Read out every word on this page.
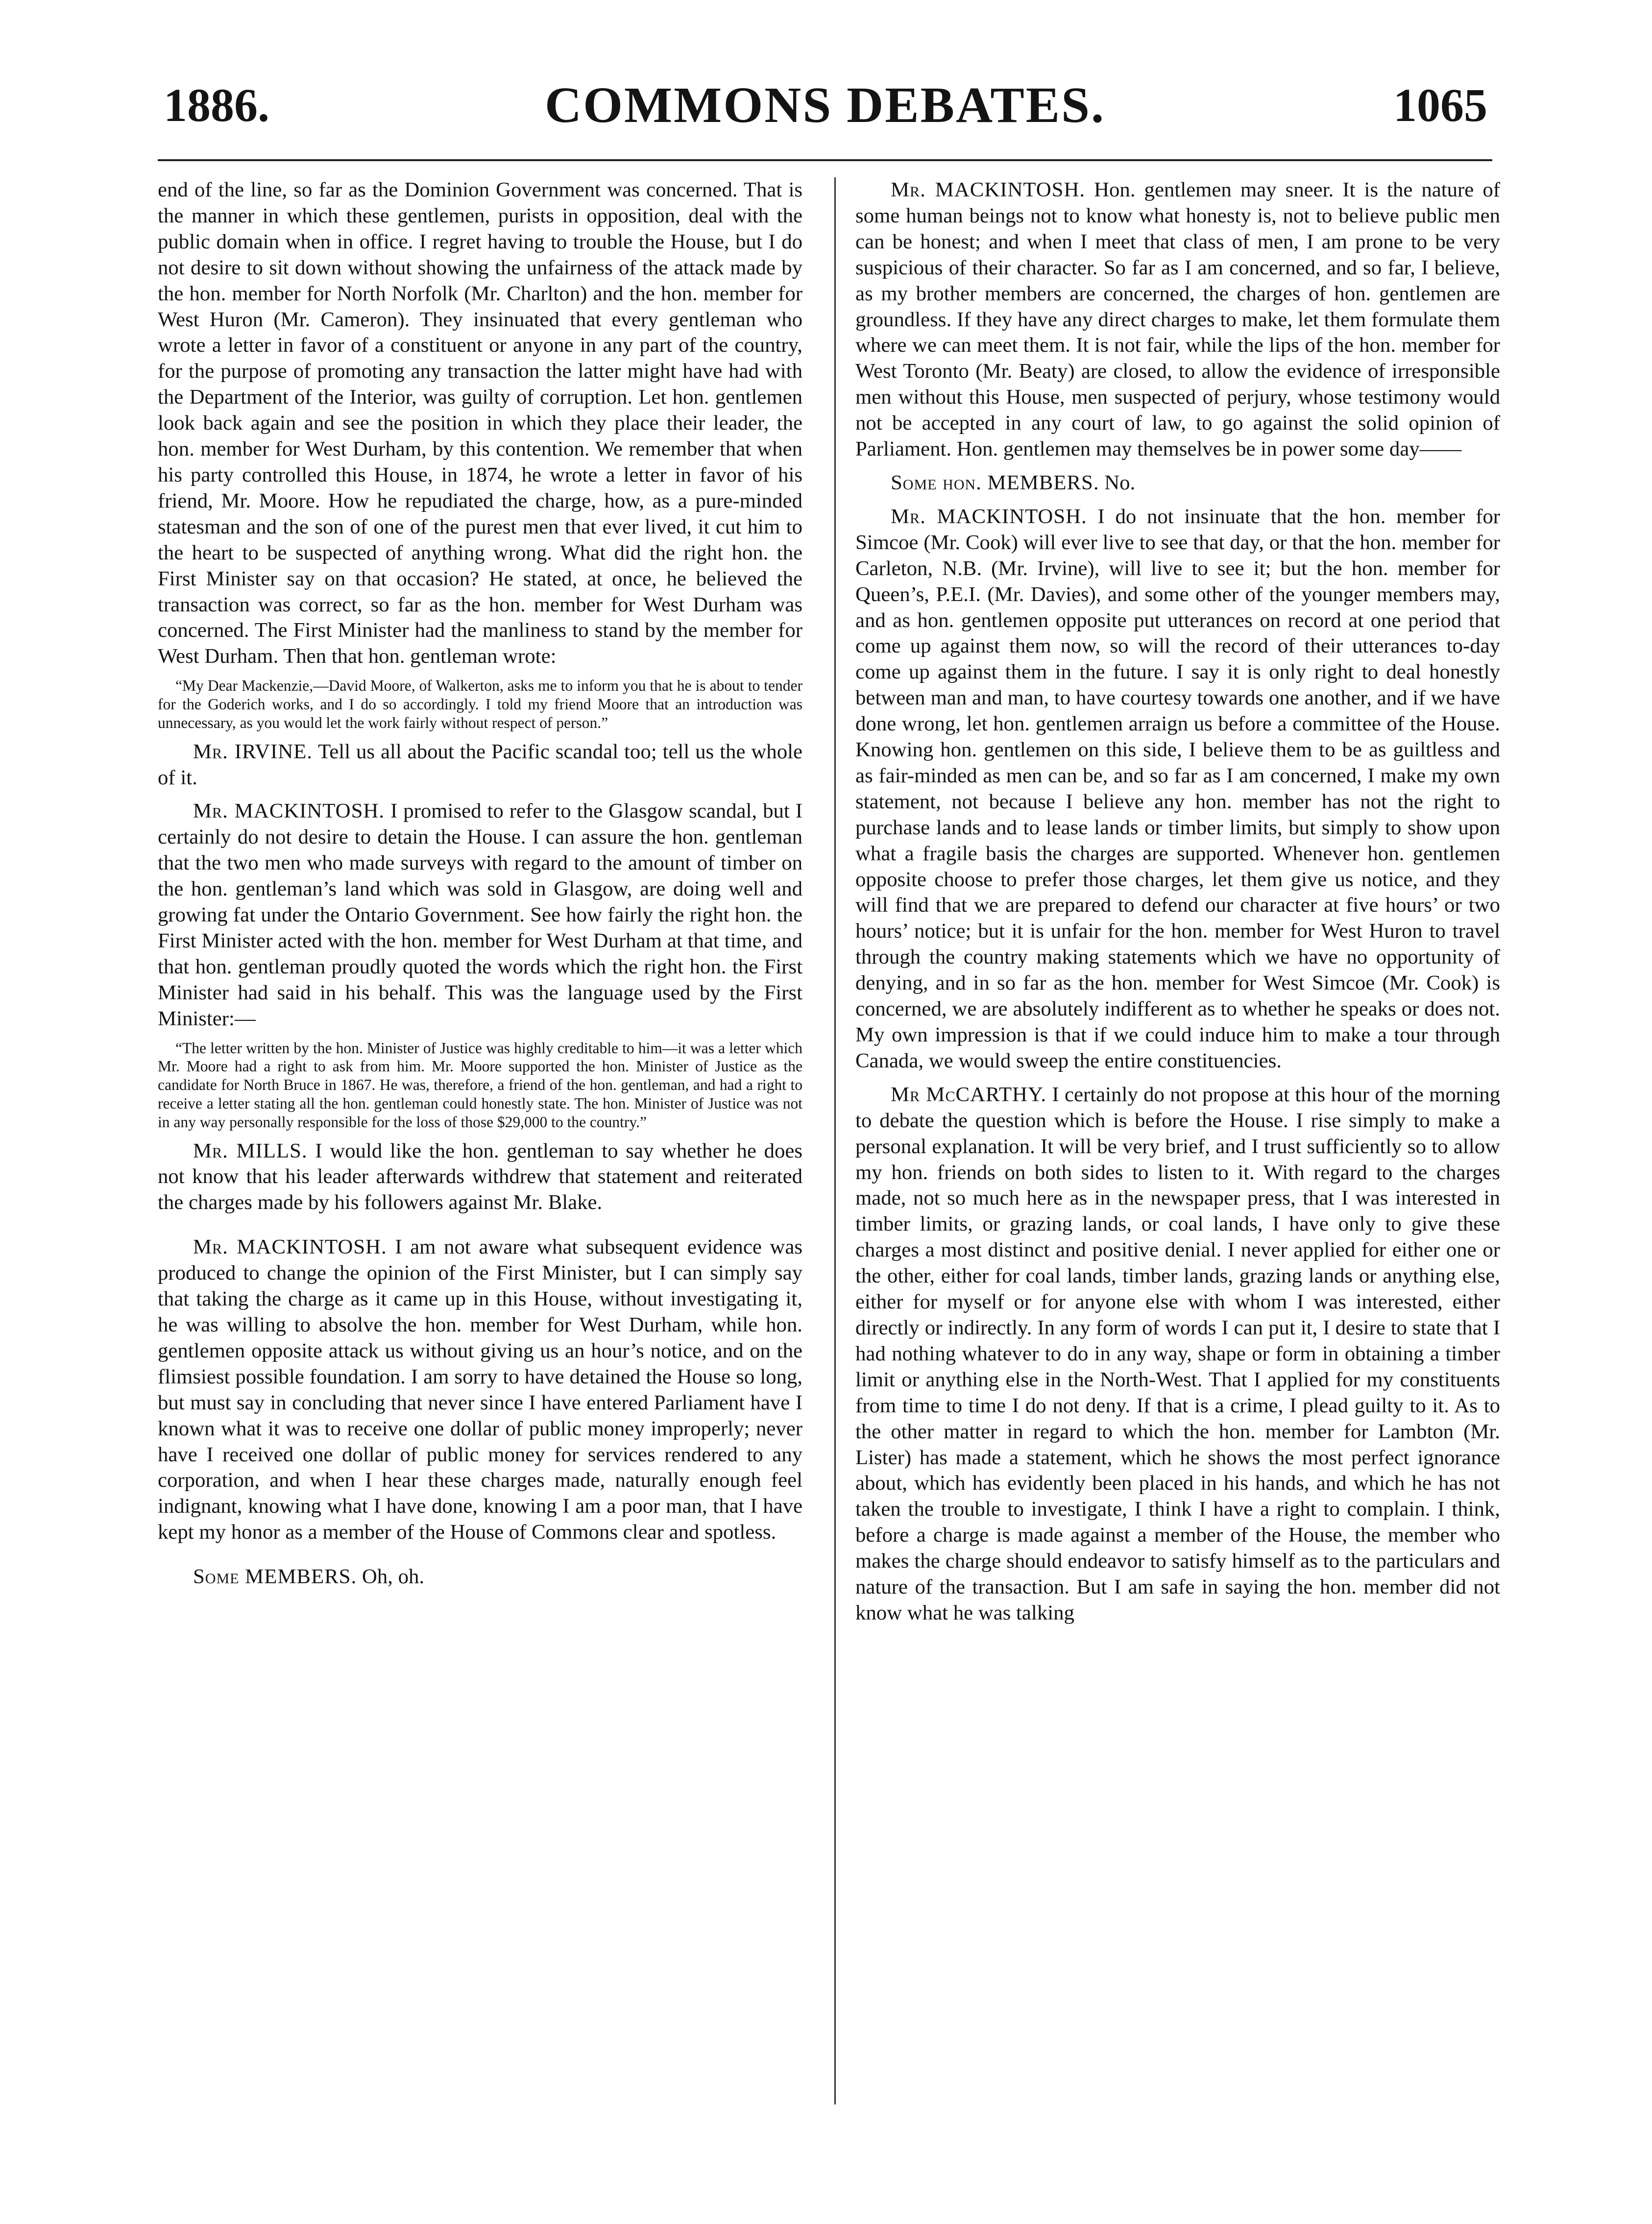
1886.	COMMONS DEBATES.	1065

end of the line, so far as the Dominion Government was concerned. That is the manner in which these gentlemen, purists in opposition, deal with the public domain when in office. I regret having to trouble the House, but I do not desire to sit down without showing the unfairness of the attack made by the hon. member for North Norfolk (Mr. Charlton) and the hon. member for West Huron (Mr. Cameron). They insinuated that every gentleman who wrote a letter in favor of a constituent or anyone in any part of the country, for the purpose of promoting any transaction the latter might have had with the Department of the Interior, was guilty of corruption. Let hon. gentlemen look back again and see the position in which they place their leader, the hon. member for West Durham, by this contention. We remember that when his party controlled this House, in 1874, he wrote a letter in favor of his friend, Mr. Moore. How he repudiated the charge, how, as a pure-minded statesman and the son of one of the purest men that ever lived, it cut him to the heart to be suspected of anything wrong. What did the right hon. the First Minister say on that occasion? He stated, at once, he believed the transaction was correct, so far as the hon. member for West Durham was concerned. The First Minister had the manliness to stand by the member for West Durham. Then that hon. gentleman wrote:

“My Dear Mackenzie,—David Moore, of Walkerton, asks me to inform you that he is about to tender for the Goderich works, and I do so accordingly. I told my friend Moore that an introduction was unnecessary, as you would let the work fairly without respect of person.”

Mr. IRVINE. Tell us all about the Pacific scandal too; tell us the whole of it.

Mr. MACKINTOSH. I promised to refer to the Glasgow scandal, but I certainly do not desire to detain the House. I can assure the hon. gentleman that the two men who made surveys with regard to the amount of timber on the hon. gentleman’s land which was sold in Glasgow, are doing well and growing fat under the Ontario Government. See how fairly the right hon. the First Minister acted with the hon. member for West Durham at that time, and that hon. gentleman proudly quoted the words which the right hon. the First Minister had said in his behalf. This was the language used by the First Minister:—

“The letter written by the hon. Minister of Justice was highly creditable to him—it was a letter which Mr. Moore had a right to ask from him. Mr. Moore supported the hon. Minister of Justice as the candidate for North Bruce in 1867. He was, therefore, a friend of the hon. gentleman, and had a right to receive a letter stating all the hon. gentleman could honestly state. The hon. Minister of Justice was not in any way personally responsible for the loss of those $29,000 to the country.”

Mr. MILLS. I would like the hon. gentleman to say whether he does not know that his leader afterwards withdrew that statement and reiterated the charges made by his followers against Mr. Blake.

Mr. MACKINTOSH. I am not aware what subsequent evidence was produced to change the opinion of the First Minister, but I can simply say that taking the charge as it came up in this House, without investigating it, he was willing to absolve the hon. member for West Durham, while hon. gentlemen opposite attack us without giving us an hour’s notice, and on the flimsiest possible foundation. I am sorry to have detained the House so long, but must say in concluding that never since I have entered Parliament have I known what it was to receive one dollar of public money improperly; never have I received one dollar of public money for services rendered to any corporation, and when I hear these charges made, naturally enough feel indignant, knowing what I have done, knowing I am a poor man, that I have kept my honor as a member of the House of Commons clear and spotless.

Some MEMBERS. Oh, oh.

Mr. MACKINTOSH. Hon. gentlemen may sneer. It is the nature of some human beings not to know what honesty is, not to believe public men can be honest; and when I meet that class of men, I am prone to be very suspicious of their character. So far as I am concerned, and so far, I believe, as my brother members are concerned, the charges of hon. gentlemen are groundless. If they have any direct charges to make, let them formulate them where we can meet them. It is not fair, while the lips of the hon. member for West Toronto (Mr. Beaty) are closed, to allow the evidence of irresponsible men without this House, men suspected of perjury, whose testimony would not be accepted in any court of law, to go against the solid opinion of Parliament. Hon. gentlemen may themselves be in power some day——

Some hon. MEMBERS. No.

Mr. MACKINTOSH. I do not insinuate that the hon. member for Simcoe (Mr. Cook) will ever live to see that day, or that the hon. member for Carleton, N.B. (Mr. Irvine), will live to see it; but the hon. member for Queen’s, P.E.I. (Mr. Davies), and some other of the younger members may, and as hon. gentlemen opposite put utterances on record at one period that come up against them now, so will the record of their utterances to-day come up against them in the future. I say it is only right to deal honestly between man and man, to have courtesy towards one another, and if we have done wrong, let hon. gentlemen arraign us before a committee of the House. Knowing hon. gentlemen on this side, I believe them to be as guiltless and as fair-minded as men can be, and so far as I am concerned, I make my own statement, not because I believe any hon. member has not the right to purchase lands and to lease lands or timber limits, but simply to show upon what a fragile basis the charges are supported. Whenever hon. gentlemen opposite choose to prefer those charges, let them give us notice, and they will find that we are prepared to defend our character at five hours’ or two hours’ notice; but it is unfair for the hon. member for West Huron to travel through the country making statements which we have no opportunity of denying, and in so far as the hon. member for West Simcoe (Mr. Cook) is concerned, we are absolutely indifferent as to whether he speaks or does not. My own impression is that if we could induce him to make a tour through Canada, we would sweep the entire constituencies.

Mr McCARTHY. I certainly do not propose at this hour of the morning to debate the question which is before the House. I rise simply to make a personal explanation. It will be very brief, and I trust sufficiently so to allow my hon. friends on both sides to listen to it. With regard to the charges made, not so much here as in the newspaper press, that I was interested in timber limits, or grazing lands, or coal lands, I have only to give these charges a most distinct and positive denial. I never applied for either one or the other, either for coal lands, timber lands, grazing lands or anything else, either for myself or for anyone else with whom I was interested, either directly or indirectly. In any form of words I can put it, I desire to state that I had nothing whatever to do in any way, shape or form in obtaining a timber limit or anything else in the North-West. That I applied for my constituents from time to time I do not deny. If that is a crime, I plead guilty to it. As to the other matter in regard to which the hon. member for Lambton (Mr. Lister) has made a statement, which he shows the most perfect ignorance about, which has evidently been placed in his hands, and which he has not taken the trouble to investigate, I think I have a right to complain. I think, before a charge is made against a member of the House, the member who makes the charge should endeavor to satisfy himself as to the particulars and nature of the transaction. But I am safe in saying the hon. member did not know what he was talking
